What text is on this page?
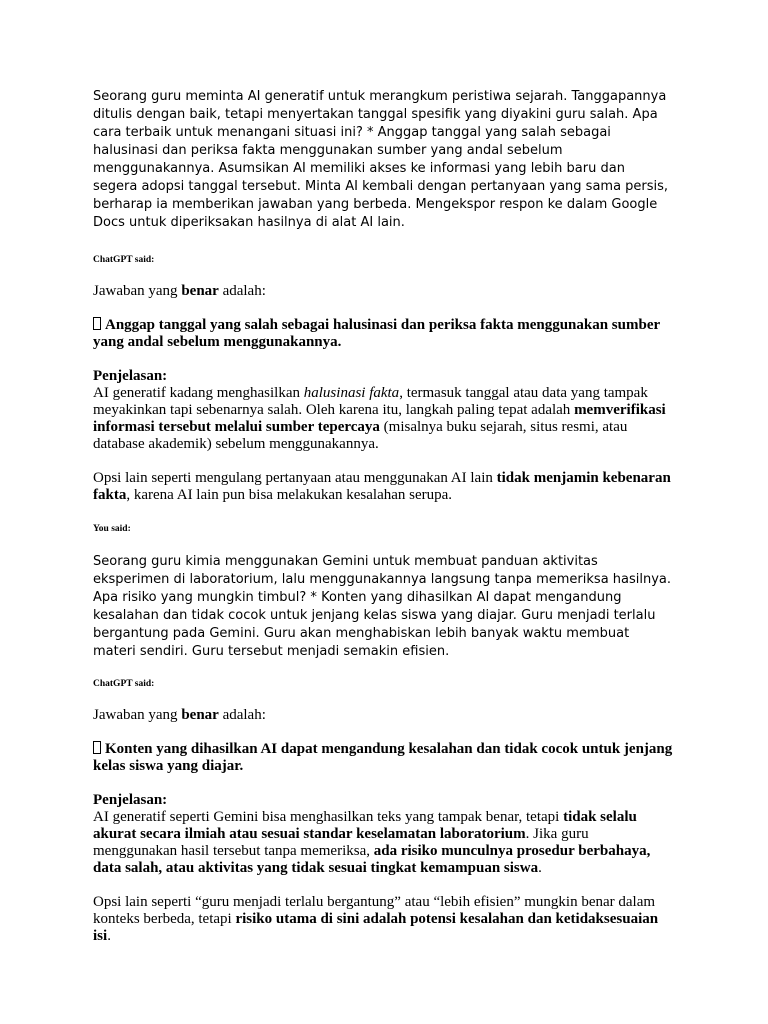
Seorang guru meminta AI generatif untuk merangkum peristiwa sejarah. Tanggapannya ditulis dengan baik, tetapi menyertakan tanggal spesifik yang diyakini guru salah. Apa cara terbaik untuk menangani situasi ini? * Anggap tanggal yang salah sebagai halusinasi dan periksa fakta menggunakan sumber yang andal sebelum menggunakannya. Asumsikan AI memiliki akses ke informasi yang lebih baru dan segera adopsi tanggal tersebut. Minta AI kembali dengan pertanyaan yang sama persis, berharap ia memberikan jawaban yang berbeda. Mengekspor respon ke dalam Google Docs untuk diperiksakan hasilnya di alat AI lain.

ChatGPT said:

Jawaban yang benar adalah:

Anggap tanggal yang salah sebagai halusinasi dan periksa fakta menggunakan sumber yang andal sebelum menggunakannya.

Penjelasan:

AI generatif kadang menghasilkan halusinasi fakta, termasuk tanggal atau data yang tampak meyakinkan tapi sebenarnya salah. Oleh karena itu, langkah paling tepat adalah memverifikasi informasi tersebut melalui sumber tepercaya (misalnya buku sejarah, situs resmi, atau database akademik) sebelum menggunakannya.

Opsi lain seperti mengulang pertanyaan atau menggunakan AI lain tidak menjamin kebenaran fakta, karena AI lain pun bisa melakukan kesalahan serupa.

You said:

Seorang guru kimia menggunakan Gemini untuk membuat panduan aktivitas eksperimen di laboratorium, lalu menggunakannya langsung tanpa memeriksa hasilnya. Apa risiko yang mungkin timbul? * Konten yang dihasilkan AI dapat mengandung kesalahan dan tidak cocok untuk jenjang kelas siswa yang diajar. Guru menjadi terlalu bergantung pada Gemini. Guru akan menghabiskan lebih banyak waktu membuat materi sendiri. Guru tersebut menjadi semakin efisien.

ChatGPT said:

Jawaban yang benar adalah:

Konten yang dihasilkan AI dapat mengandung kesalahan dan tidak cocok untuk jenjang kelas siswa yang diajar.

Penjelasan:

AI generatif seperti Gemini bisa menghasilkan teks yang tampak benar, tetapi tidak selalu akurat secara ilmiah atau sesuai standar keselamatan laboratorium. Jika guru menggunakan hasil tersebut tanpa memeriksa, ada risiko munculnya prosedur berbahaya, data salah, atau aktivitas yang tidak sesuai tingkat kemampuan siswa.

Opsi lain seperti “guru menjadi terlalu bergantung” atau “lebih efisien” mungkin benar dalam konteks berbeda, tetapi risiko utama di sini adalah potensi kesalahan dan ketidaksesuaian isi.
